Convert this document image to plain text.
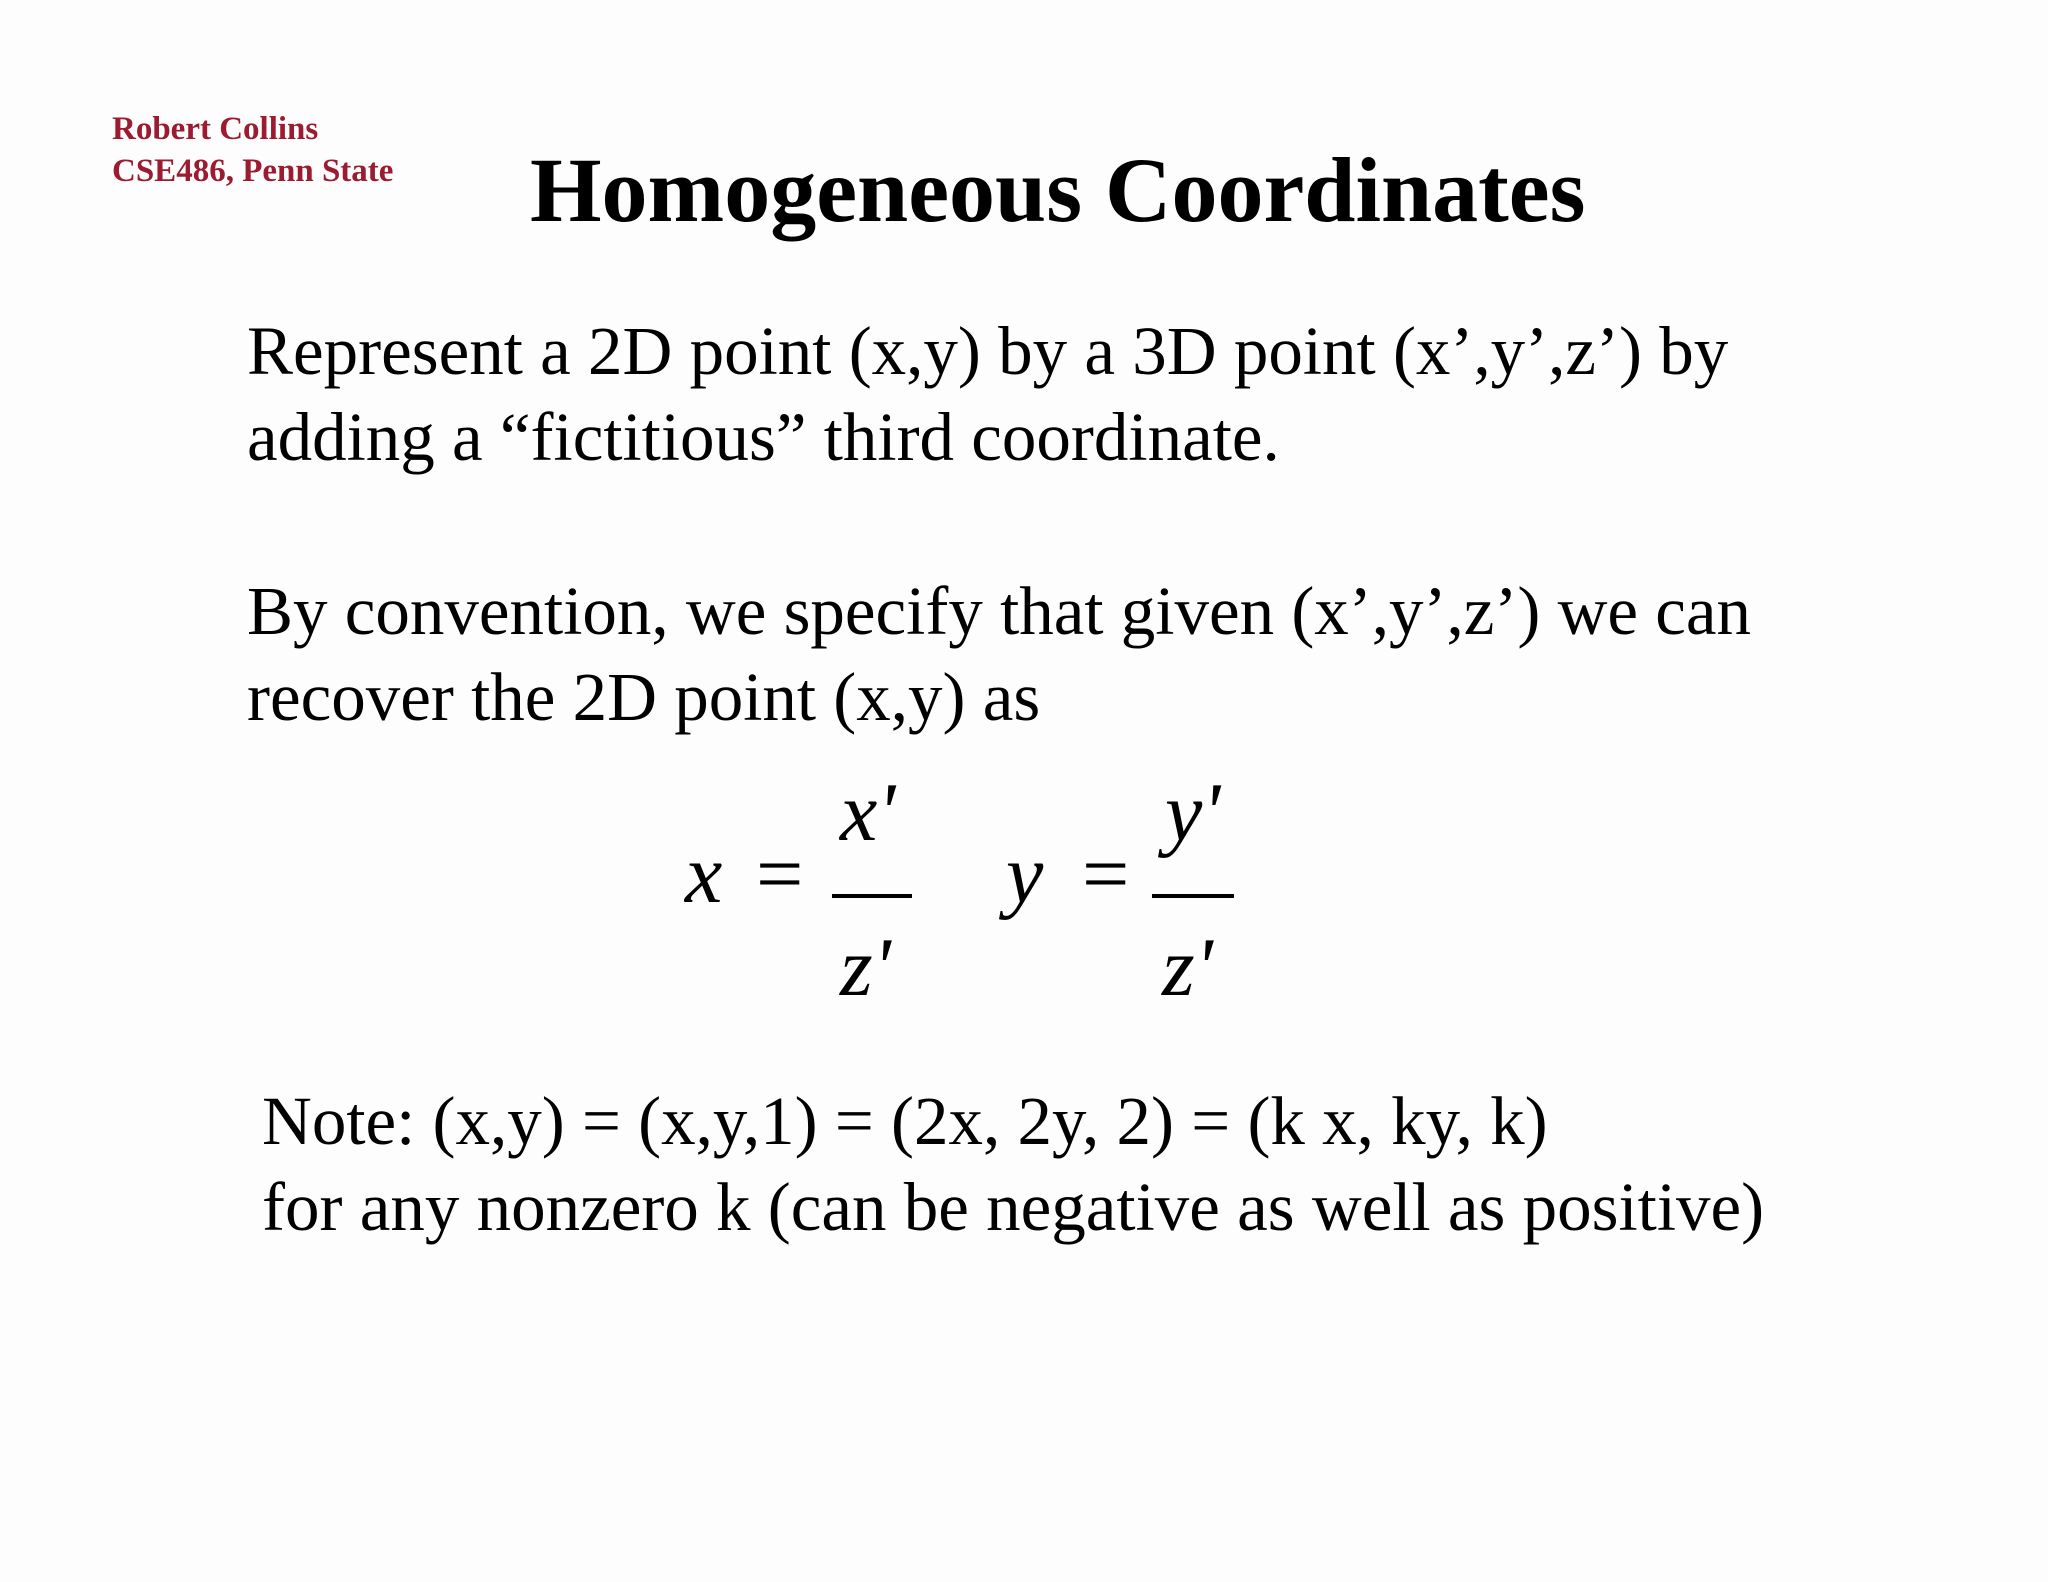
Robert Collins
CSE486, Penn State	Homogeneous Coordinates
Represent a 2D point (x,y) by a 3D point (x’,y’,z’) by
adding a “fictitious” third coordinate.
By convention, we specify that given (x’,y’,z’) we can
recover the 2D point (x,y) as
x =
x'
z'
y =
y'
z'
Note: (x,y) = (x,y,1) = (2x, 2y, 2) = (k x, ky, k)
for any nonzero k (can be negative as well as positive)
